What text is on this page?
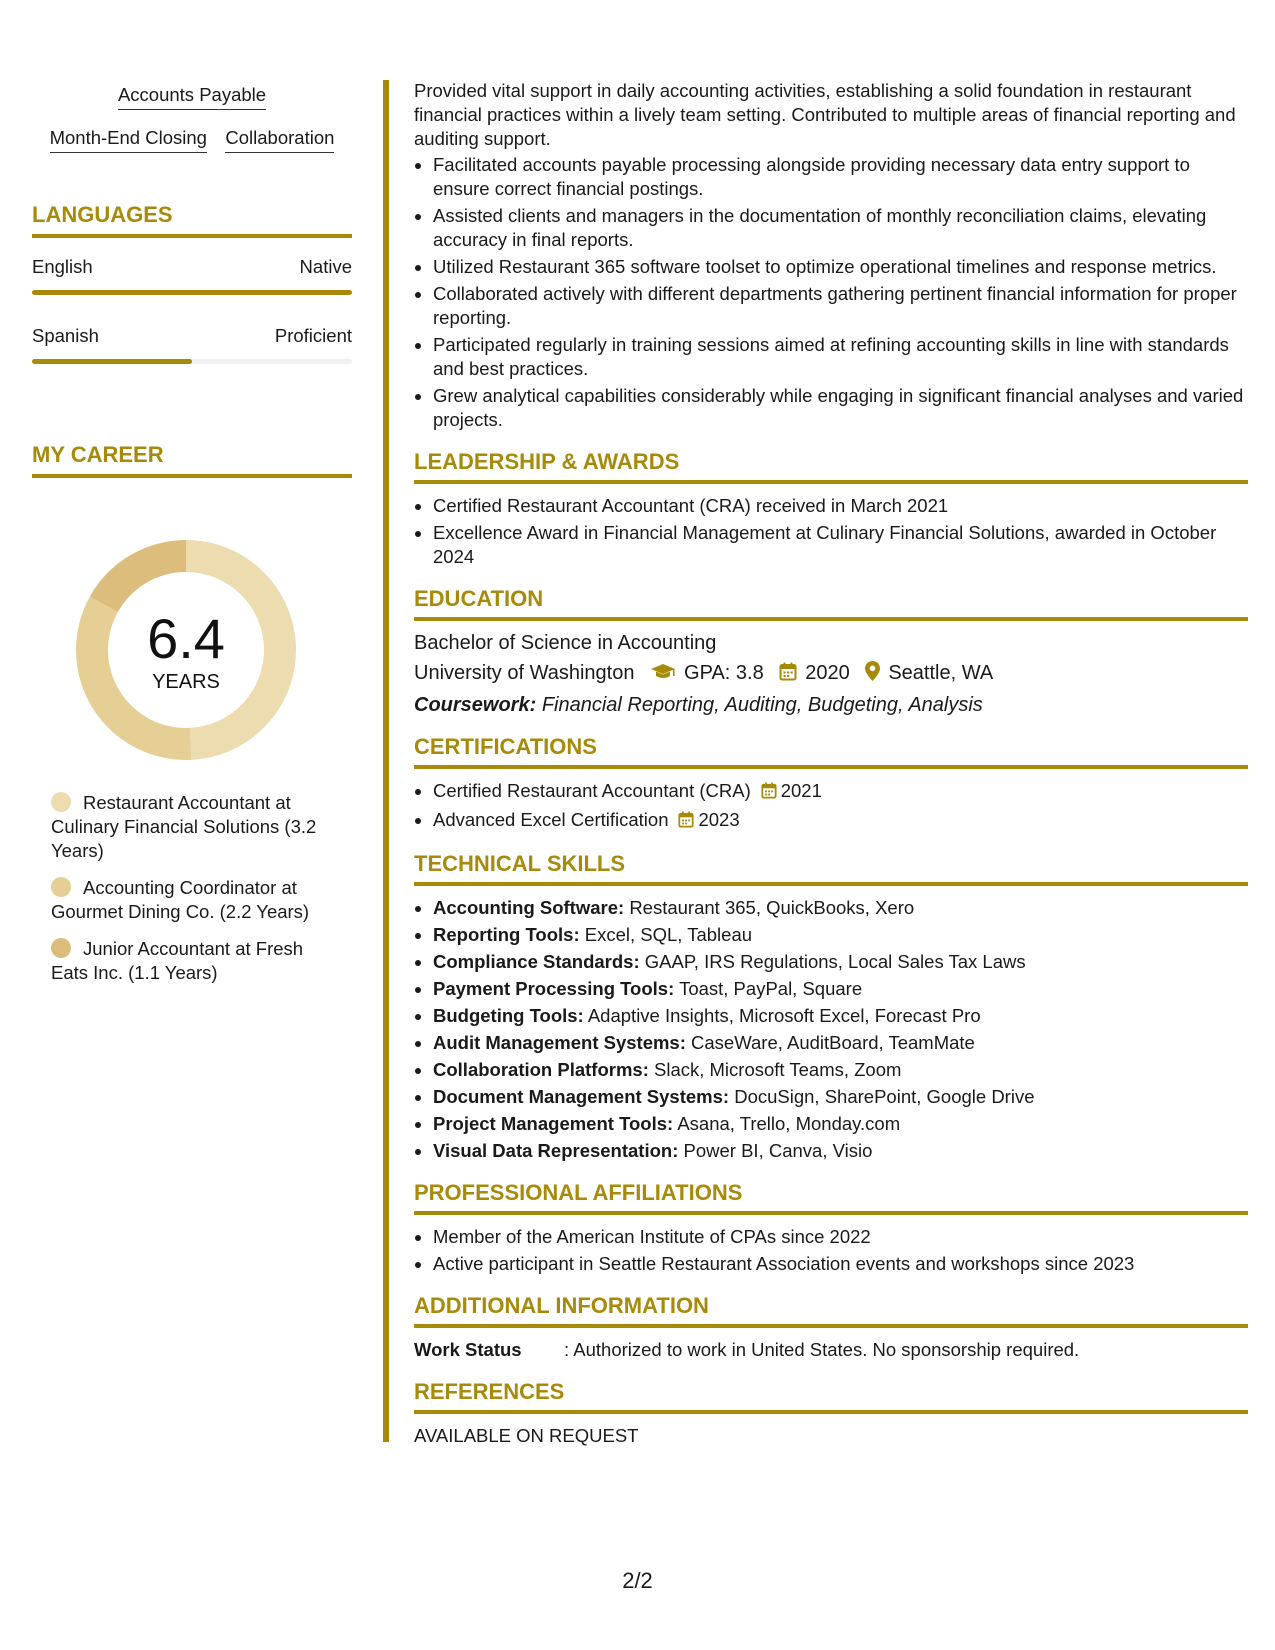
Accounts Payable
Month-End Closing Collaboration
LANGUAGES
English	Native
Spanish	Proficient
MY CAREER
6.4
YEARS
Restaurant Accountant at Culinary Financial Solutions (3.2 Years)
Accounting Coordinator at Gourmet Dining Co. (2.2 Years)
Junior Accountant at Fresh Eats Inc. (1.1 Years)

Provided vital support in daily accounting activities, establishing a solid foundation in restaurant financial practices within a lively team setting. Contributed to multiple areas of financial reporting and auditing support.

• Facilitated accounts payable processing alongside providing necessary data entry support to ensure correct financial postings.
• Assisted clients and managers in the documentation of monthly reconciliation claims, elevating accuracy in final reports.
• Utilized Restaurant 365 software toolset to optimize operational timelines and response metrics.
• Collaborated actively with different departments gathering pertinent financial information for proper reporting.
• Participated regularly in training sessions aimed at refining accounting skills in line with standards and best practices.
• Grew analytical capabilities considerably while engaging in significant financial analyses and varied projects.
LEADERSHIP & AWARDS
• Certified Restaurant Accountant (CRA) received in March 2021
• Excellence Award in Financial Management at Culinary Financial Solutions, awarded in October 2024
EDUCATION
Bachelor of Science in Accounting
University of Washington GPA: 3.8 2020 Seattle, WA
Coursework: Financial Reporting, Auditing, Budgeting, Analysis
CERTIFICATIONS
• Certified Restaurant Accountant (CRA) 2021
• Advanced Excel Certification 2023
TECHNICAL SKILLS
• Accounting Software: Restaurant 365, QuickBooks, Xero
• Reporting Tools: Excel, SQL, Tableau
• Compliance Standards: GAAP, IRS Regulations, Local Sales Tax Laws
• Payment Processing Tools: Toast, PayPal, Square
• Budgeting Tools: Adaptive Insights, Microsoft Excel, Forecast Pro
• Audit Management Systems: CaseWare, AuditBoard, TeamMate
• Collaboration Platforms: Slack, Microsoft Teams, Zoom
• Document Management Systems: DocuSign, SharePoint, Google Drive
• Project Management Tools: Asana, Trello, Monday.com
• Visual Data Representation: Power BI, Canva, Visio
PROFESSIONAL AFFILIATIONS
• Member of the American Institute of CPAs since 2022
• Active participant in Seattle Restaurant Association events and workshops since 2023
ADDITIONAL INFORMATION
Work Status : Authorized to work in United States. No sponsorship required.
REFERENCES
AVAILABLE ON REQUEST
2/2
